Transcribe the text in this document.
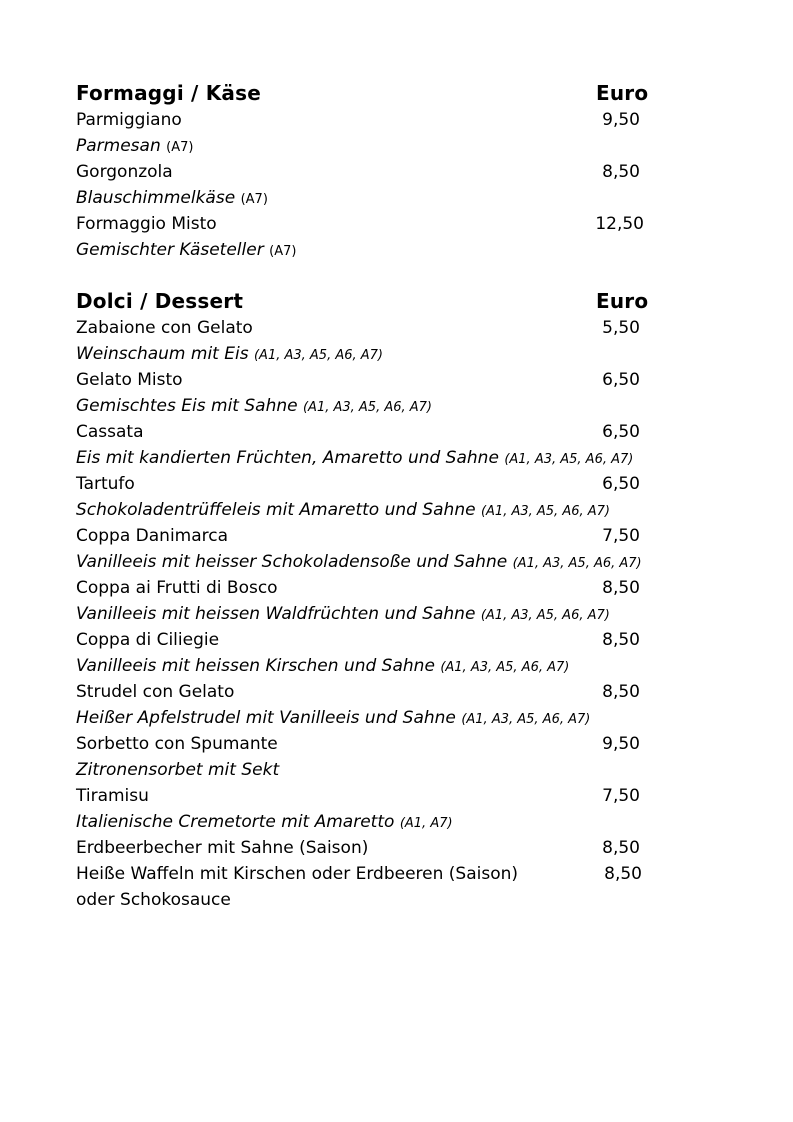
Formaggi / Käse	Euro
Parmiggiano	9,50
Parmesan (A7)
Gorgonzola	8,50
Blauschimmelkäse (A7)
Formaggio Misto	12,50
Gemischter Käseteller (A7)
Dolci / Dessert	Euro
Zabaione con Gelato	5,50
Weinschaum mit Eis (A1, A3, A5, A6, A7)
Gelato Misto	6,50
Gemischtes Eis mit Sahne (A1, A3, A5, A6, A7)
Cassata	6,50
Eis mit kandierten Früchten, Amaretto und Sahne (A1, A3, A5, A6, A7)
Tartufo	6,50
Schokoladentrüffeleis mit Amaretto und Sahne (A1, A3, A5, A6, A7)
Coppa Danimarca	7,50
Vanilleeis mit heisser Schokoladensoße und Sahne (A1, A3, A5, A6, A7)
Coppa ai Frutti di Bosco	8,50
Vanilleeis mit heissen Waldfrüchten und Sahne (A1, A3, A5, A6, A7)
Coppa di Ciliegie	8,50
Vanilleeis mit heissen Kirschen und Sahne (A1, A3, A5, A6, A7)
Strudel con Gelato	8,50
Heißer Apfelstrudel mit Vanilleeis und Sahne (A1, A3, A5, A6, A7)
Sorbetto con Spumante	9,50
Zitronensorbet mit Sekt
Tiramisu	7,50
Italienische Cremetorte mit Amaretto (A1, A7)
Erdbeerbecher mit Sahne (Saison)	8,50
Heiße Waffeln mit Kirschen oder Erdbeeren (Saison)	8,50
oder Schokosauce
